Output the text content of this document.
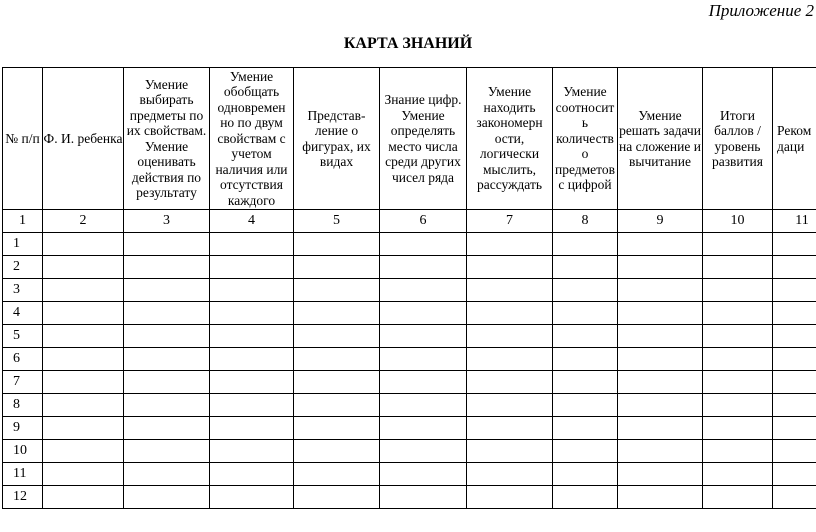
Приложение 2
КАРТА ЗНАНИЙ
№ п/п	Ф. И. ребенка	Умение выбирать предметы по их свойствам. Умение оценивать действия по результату	Умение обобщать одновремен но по двум свойствам с учетом наличия или отсутствия каждого	Представ- ление о фигурах, их видах	Знание цифр. Умение определять место числа среди других чисел ряда	Умение находить закономерн ости, логически мыслить, рассуждать	Умение соотносит ь количеств о предметов с цифрой	Умение решать задачи на сложение и вычитание	Итоги баллов / уровень развития	Реком даци

1	2	3	4	5	6	7	8	9	10	11
1										
2										
3										
4										
5										
6										
7										
8										
9										
10										
11										
12										
